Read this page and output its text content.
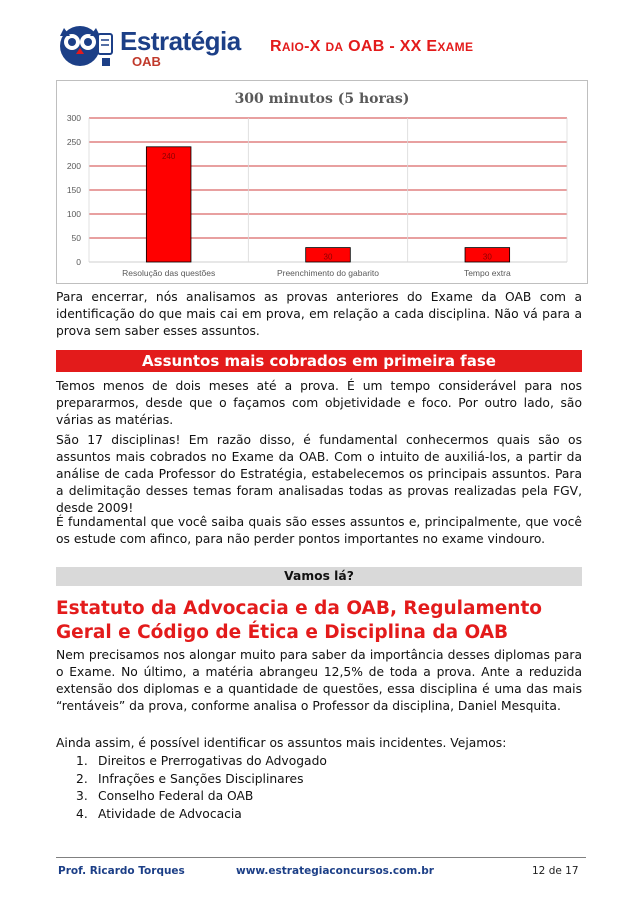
Estratégia
OAB
RAIO-X DA OAB - XX EXAME
300 minutos (5 horas)
0
50
100
150
200
250
300
240
Resolução das questões
30
Preenchimento do gabarito
30
Tempo extra

Para encerrar, nós analisamos as provas anteriores do Exame da OAB com a identificação do que mais cai em prova, em relação a cada disciplina. Não vá para a prova sem saber esses assuntos.

Assuntos mais cobrados em primeira fase

Temos menos de dois meses até a prova. É um tempo considerável para nos prepararmos, desde que o façamos com objetividade e foco. Por outro lado, são várias as matérias.

São 17 disciplinas! Em razão disso, é fundamental conhecermos quais são os assuntos mais cobrados no Exame da OAB. Com o intuito de auxiliá-los, a partir da análise de cada Professor do Estratégia, estabelecemos os principais assuntos. Para a delimitação desses temas foram analisadas todas as provas realizadas pela FGV, desde 2009!

É fundamental que você saiba quais são esses assuntos e, principalmente, que você os estude com afinco, para não perder pontos importantes no exame vindouro.

Vamos lá?
Estatuto da Advocacia e da OAB, Regulamento Geral e Código de Ética e Disciplina da OAB

Nem precisamos nos alongar muito para saber da importância desses diplomas para o Exame. No último, a matéria abrangeu 12,5% de toda a prova. Ante a reduzida extensão dos diplomas e a quantidade de questões, essa disciplina é uma das mais “rentáveis” da prova, conforme analisa o Professor da disciplina, Daniel Mesquita.

Ainda assim, é possível identificar os assuntos mais incidentes. Vejamos:

1. Direitos e Prerrogativas do Advogado
2. Infrações e Sanções Disciplinares
3. Conselho Federal da OAB
4. Atividade de Advocacia
Prof. Ricardo Torques	www.estrategiaconcursos.com.br	12 de 17
